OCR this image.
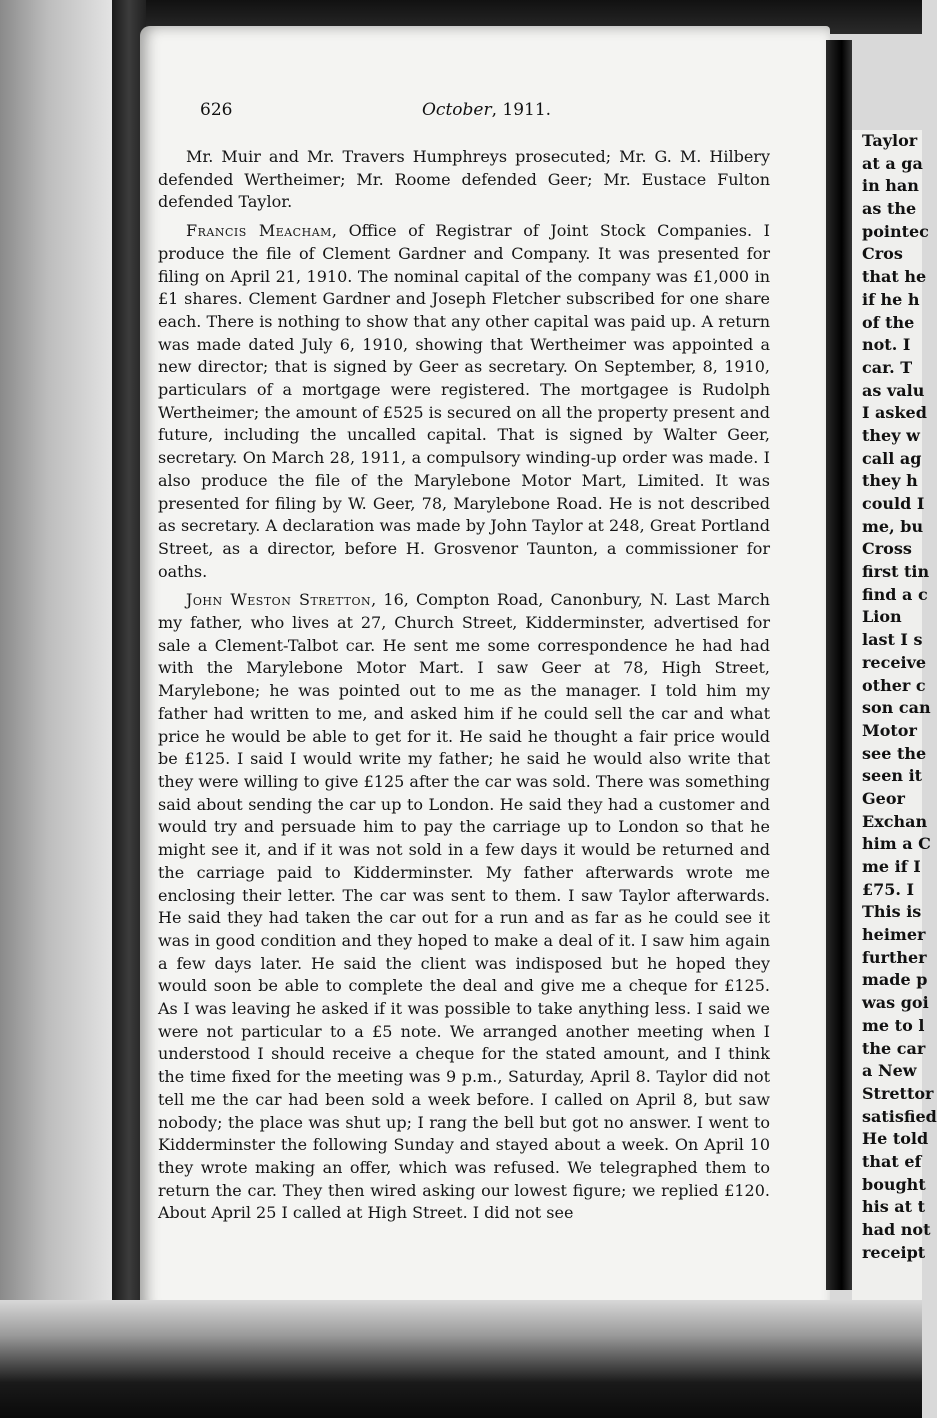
626	October, 1911.

Mr. Muir and Mr. Travers Humphreys prosecuted; Mr. G. M. Hilbery defended Wertheimer; Mr. Roome defended Geer; Mr. Eustace Fulton defended Taylor.

Francis Meacham, Office of Registrar of Joint Stock Companies. I produce the file of Clement Gardner and Company. It was presented for filing on April 21, 1910. The nominal capital of the company was £1,000 in £1 shares. Clement Gardner and Joseph Fletcher subscribed for one share each. There is nothing to show that any other capital was paid up. A return was made dated July 6, 1910, showing that Wertheimer was appointed a new director; that is signed by Geer as secretary. On September, 8, 1910, particulars of a mortgage were registered. The mortgagee is Rudolph Wertheimer; the amount of £525 is secured on all the property present and future, including the uncalled capital. That is signed by Walter Geer, secretary. On March 28, 1911, a compulsory winding-up order was made. I also produce the file of the Marylebone Motor Mart, Limited. It was presented for filing by W. Geer, 78, Marylebone Road. He is not described as secretary. A declaration was made by John Taylor at 248, Great Portland Street, as a director, before H. Grosvenor Taunton, a commissioner for oaths.

John Weston Stretton, 16, Compton Road, Canonbury, N. Last March my father, who lives at 27, Church Street, Kidderminster, advertised for sale a Clement-Talbot car. He sent me some correspondence he had had with the Marylebone Motor Mart. I saw Geer at 78, High Street, Marylebone; he was pointed out to me as the manager. I told him my father had written to me, and asked him if he could sell the car and what price he would be able to get for it. He said he thought a fair price would be £125. I said I would write my father; he said he would also write that they were willing to give £125 after the car was sold. There was something said about sending the car up to London. He said they had a customer and would try and persuade him to pay the carriage up to London so that he might see it, and if it was not sold in a few days it would be returned and the carriage paid to Kidderminster. My father afterwards wrote me enclosing their letter. The car was sent to them. I saw Taylor afterwards. He said they had taken the car out for a run and as far as he could see it was in good condition and they hoped to make a deal of it. I saw him again a few days later. He said the client was indisposed but he hoped they would soon be able to complete the deal and give me a cheque for £125. As I was leaving he asked if it was possible to take anything less. I said we were not particular to a £5 note. We arranged another meeting when I understood I should receive a cheque for the stated amount, and I think the time fixed for the meeting was 9 p.m., Saturday, April 8. Taylor did not tell me the car had been sold a week before. I called on April 8, but saw nobody; the place was shut up; I rang the bell but got no answer. I went to Kidderminster the following Sunday and stayed about a week. On April 10 they wrote making an offer, which was refused. We telegraphed them to return the car. They then wired asking our lowest figure; we replied £120. About April 25 I called at High Street. I did not see

Taylor
at a ga
in han
as the
pointec
Cros
that he
if he h
of the
not. I
car. T
as valu
I asked
they w
call ag
they h
could I
me, bu
Cross
first tin
find a c
Lion
last I s
receive
other c
son can
Motor
see the
seen it
Geor
Exchan
him a C
me if I
£75. I
This is
heimer
further
made p
was goi
me to l
the car
a New
Strettor
satisfied
He told
that ef
bought
his at t
had not
receipt
